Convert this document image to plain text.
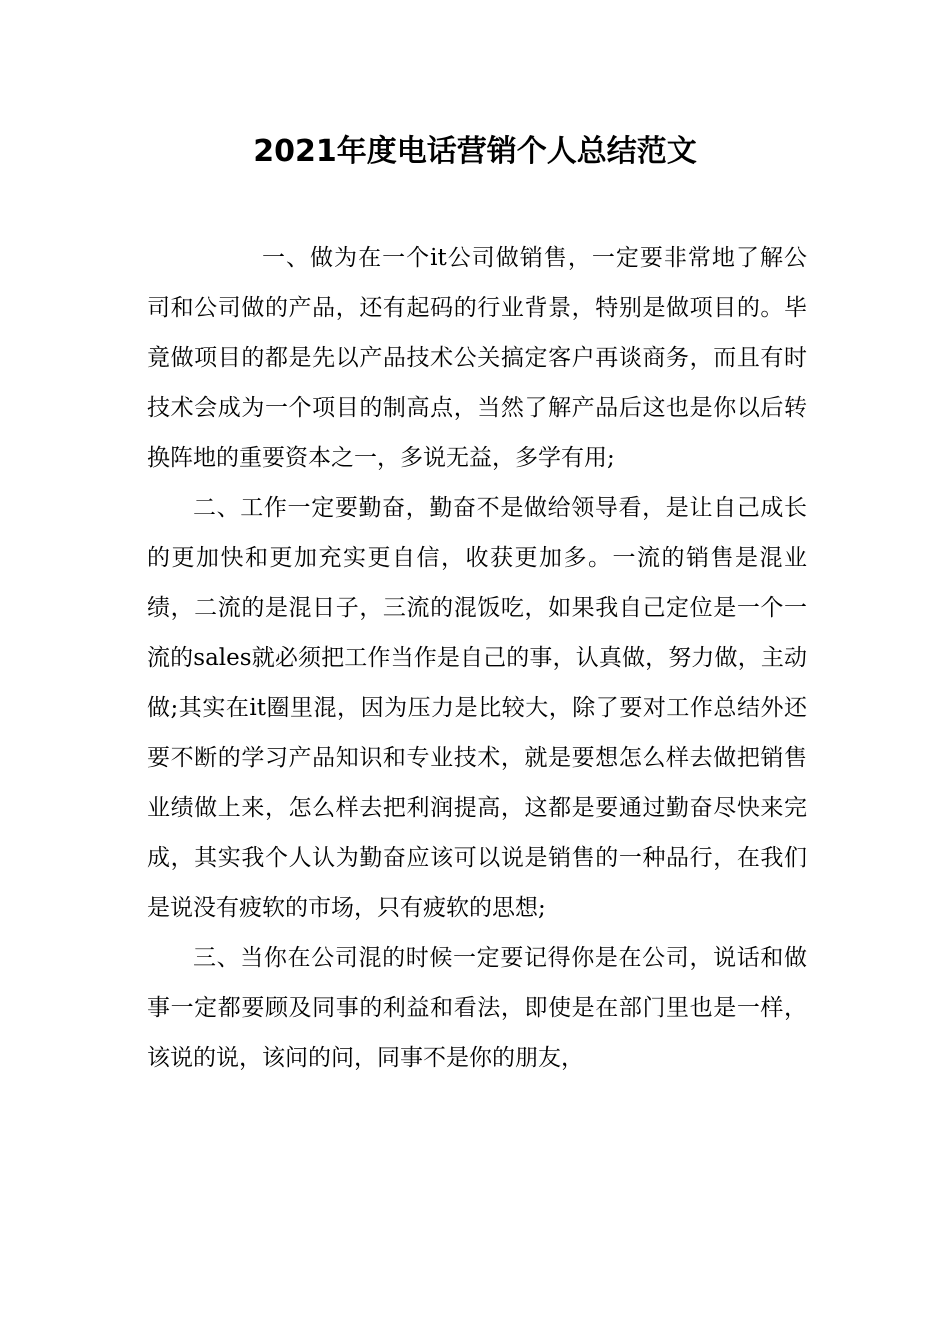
2021年度电话营销个人总结范文

一、做为在一个it公司做销售，一定要非常地了解公司和公司做的产品，还有起码的行业背景，特别是做项目的。毕竟做项目的都是先以产品技术公关搞定客户再谈商务，而且有时技术会成为一个项目的制高点，当然了解产品后这也是你以后转换阵地的重要资本之一，多说无益，多学有用;

二、工作一定要勤奋，勤奋不是做给领导看，是让自己成长的更加快和更加充实更自信，收获更加多。一流的销售是混业绩，二流的是混日子，三流的混饭吃，如果我自己定位是一个一流的sales就必须把工作当作是自己的事，认真做，努力做，主动做;其实在it圈里混，因为压力是比较大，除了要对工作总结外还要不断的学习产品知识和专业技术，就是要想怎么样去做把销售业绩做上来，怎么样去把利润提高，这都是要通过勤奋尽快来完成，其实我个人认为勤奋应该可以说是销售的一种品行，在我们是说没有疲软的市场，只有疲软的思想;

三、当你在公司混的时候一定要记得你是在公司，说话和做事一定都要顾及同事的利益和看法，即使是在部门里也是一样，该说的说，该问的问，同事不是你的朋友，
